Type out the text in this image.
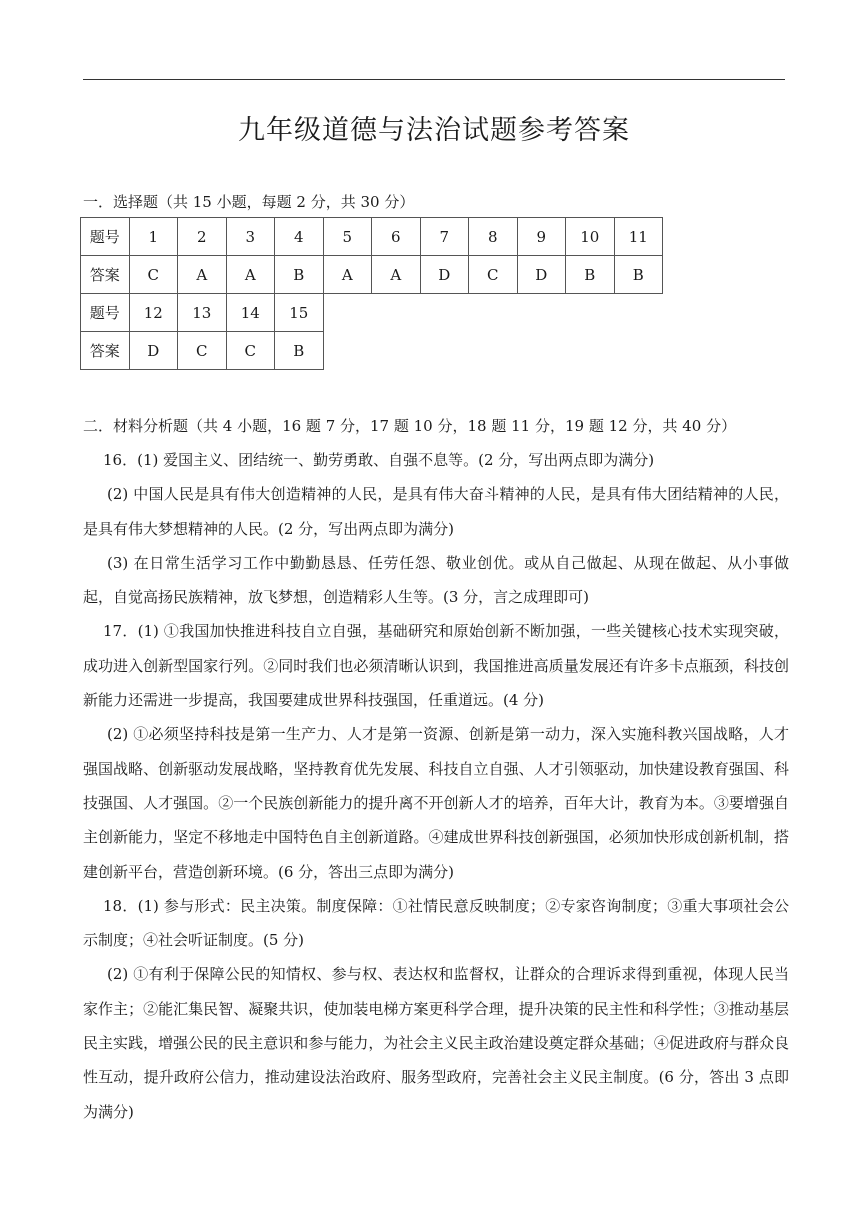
九年级道德与法治试题参考答案
一．选择题（共 15 小题，每题 2 分，共 30 分）
题号	1	2	3	4	5	6	7	8	9	10	11
答案	C	A	A	B	A	A	D	C	D	B	B
题号	12	13	14	15							
答案	D	C	C	B							
二．材料分析题（共 4 小题，16 题 7 分，17 题 10 分，18 题 11 分，19 题 12 分，共 40 分）

16．(1) 爱国主义、团结统一、勤劳勇敢、自强不息等。(2 分，写出两点即为满分)

(2) 中国人民是具有伟大创造精神的人民，是具有伟大奋斗精神的人民，是具有伟大团结精神的人民，是具有伟大梦想精神的人民。(2 分，写出两点即为满分)

(3) 在日常生活学习工作中勤勤恳恳、任劳任怨、敬业创优。或从自己做起、从现在做起、从小事做起，自觉高扬民族精神，放飞梦想，创造精彩人生等。(3 分，言之成理即可)

17．(1) ①我国加快推进科技自立自强，基础研究和原始创新不断加强，一些关键核心技术实现突破，成功进入创新型国家行列。②同时我们也必须清晰认识到，我国推进高质量发展还有许多卡点瓶颈，科技创新能力还需进一步提高，我国要建成世界科技强国，任重道远。(4 分)

(2) ①必须坚持科技是第一生产力、人才是第一资源、创新是第一动力，深入实施科教兴国战略，人才强国战略、创新驱动发展战略，坚持教育优先发展、科技自立自强、人才引领驱动，加快建设教育强国、科技强国、人才强国。②一个民族创新能力的提升离不开创新人才的培养，百年大计，教育为本。③要增强自主创新能力，坚定不移地走中国特色自主创新道路。④建成世界科技创新强国，必须加快形成创新机制，搭建创新平台，营造创新环境。(6 分，答出三点即为满分)

18．(1) 参与形式：民主决策。制度保障：①社情民意反映制度；②专家咨询制度；③重大事项社会公示制度；④社会听证制度。(5 分)

(2) ①有利于保障公民的知情权、参与权、表达权和监督权，让群众的合理诉求得到重视，体现人民当家作主；②能汇集民智、凝聚共识，使加装电梯方案更科学合理，提升决策的民主性和科学性；③推动基层民主实践，增强公民的民主意识和参与能力，为社会主义民主政治建设奠定群众基础；④促进政府与群众良性互动，提升政府公信力，推动建设法治政府、服务型政府，完善社会主义民主制度。(6 分，答出 3 点即为满分)
